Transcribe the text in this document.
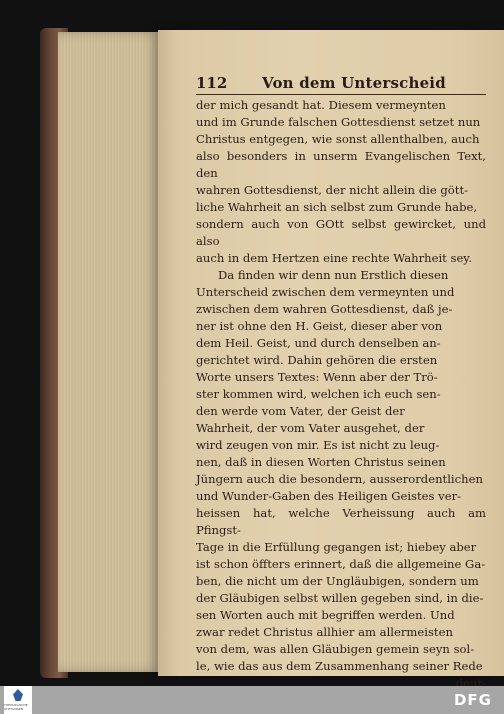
112	Von dem Unterscheid

der mich gesandt hat. Diesem vermeynten

und im Grunde falschen Gottesdienst setzet nun

Christus entgegen, wie sonst allenthalben, auch

also besonders in unserm Evangelischen Text, den

wahren Gottesdienst, der nicht allein die gött-

liche Wahrheit an sich selbst zum Grunde habe,

sondern auch von GOtt selbst gewircket, und also

auch in dem Hertzen eine rechte Wahrheit sey.

Da finden wir denn nun Erstlich diesen

Unterscheid zwischen dem vermeynten und

zwischen dem wahren Gottesdienst, daß je-

ner ist ohne den H. Geist, dieser aber von

dem Heil. Geist, und durch denselben an-

gerichtet wird. Dahin gehören die ersten

Worte unsers Textes: Wenn aber der Trö-

ster kommen wird, welchen ich euch sen-

den werde vom Vater, der Geist der

Wahrheit, der vom Vater ausgehet, der

wird zeugen von mir. Es ist nicht zu leug-

nen, daß in diesen Worten Christus seinen

Jüngern auch die besondern, ausserordentlichen

und Wunder-Gaben des Heiligen Geistes ver-

heissen hat, welche Verheissung auch am Pfingst-

Tage in die Erfüllung gegangen ist; hiebey aber

ist schon öffters erinnert, daß die allgemeine Ga-

ben, die nicht um der Ungläubigen, sondern um

der Gläubigen selbst willen gegeben sind, in die-

sen Worten auch mit begriffen werden. Und

zwar redet Christus allhier am allermeisten

von dem, was allen Gläubigen gemein seyn sol-

le, wie das aus dem Zusammenhang seiner Rede

deut-
THEOLOGISCHE STIFTUNGEN	DFG
